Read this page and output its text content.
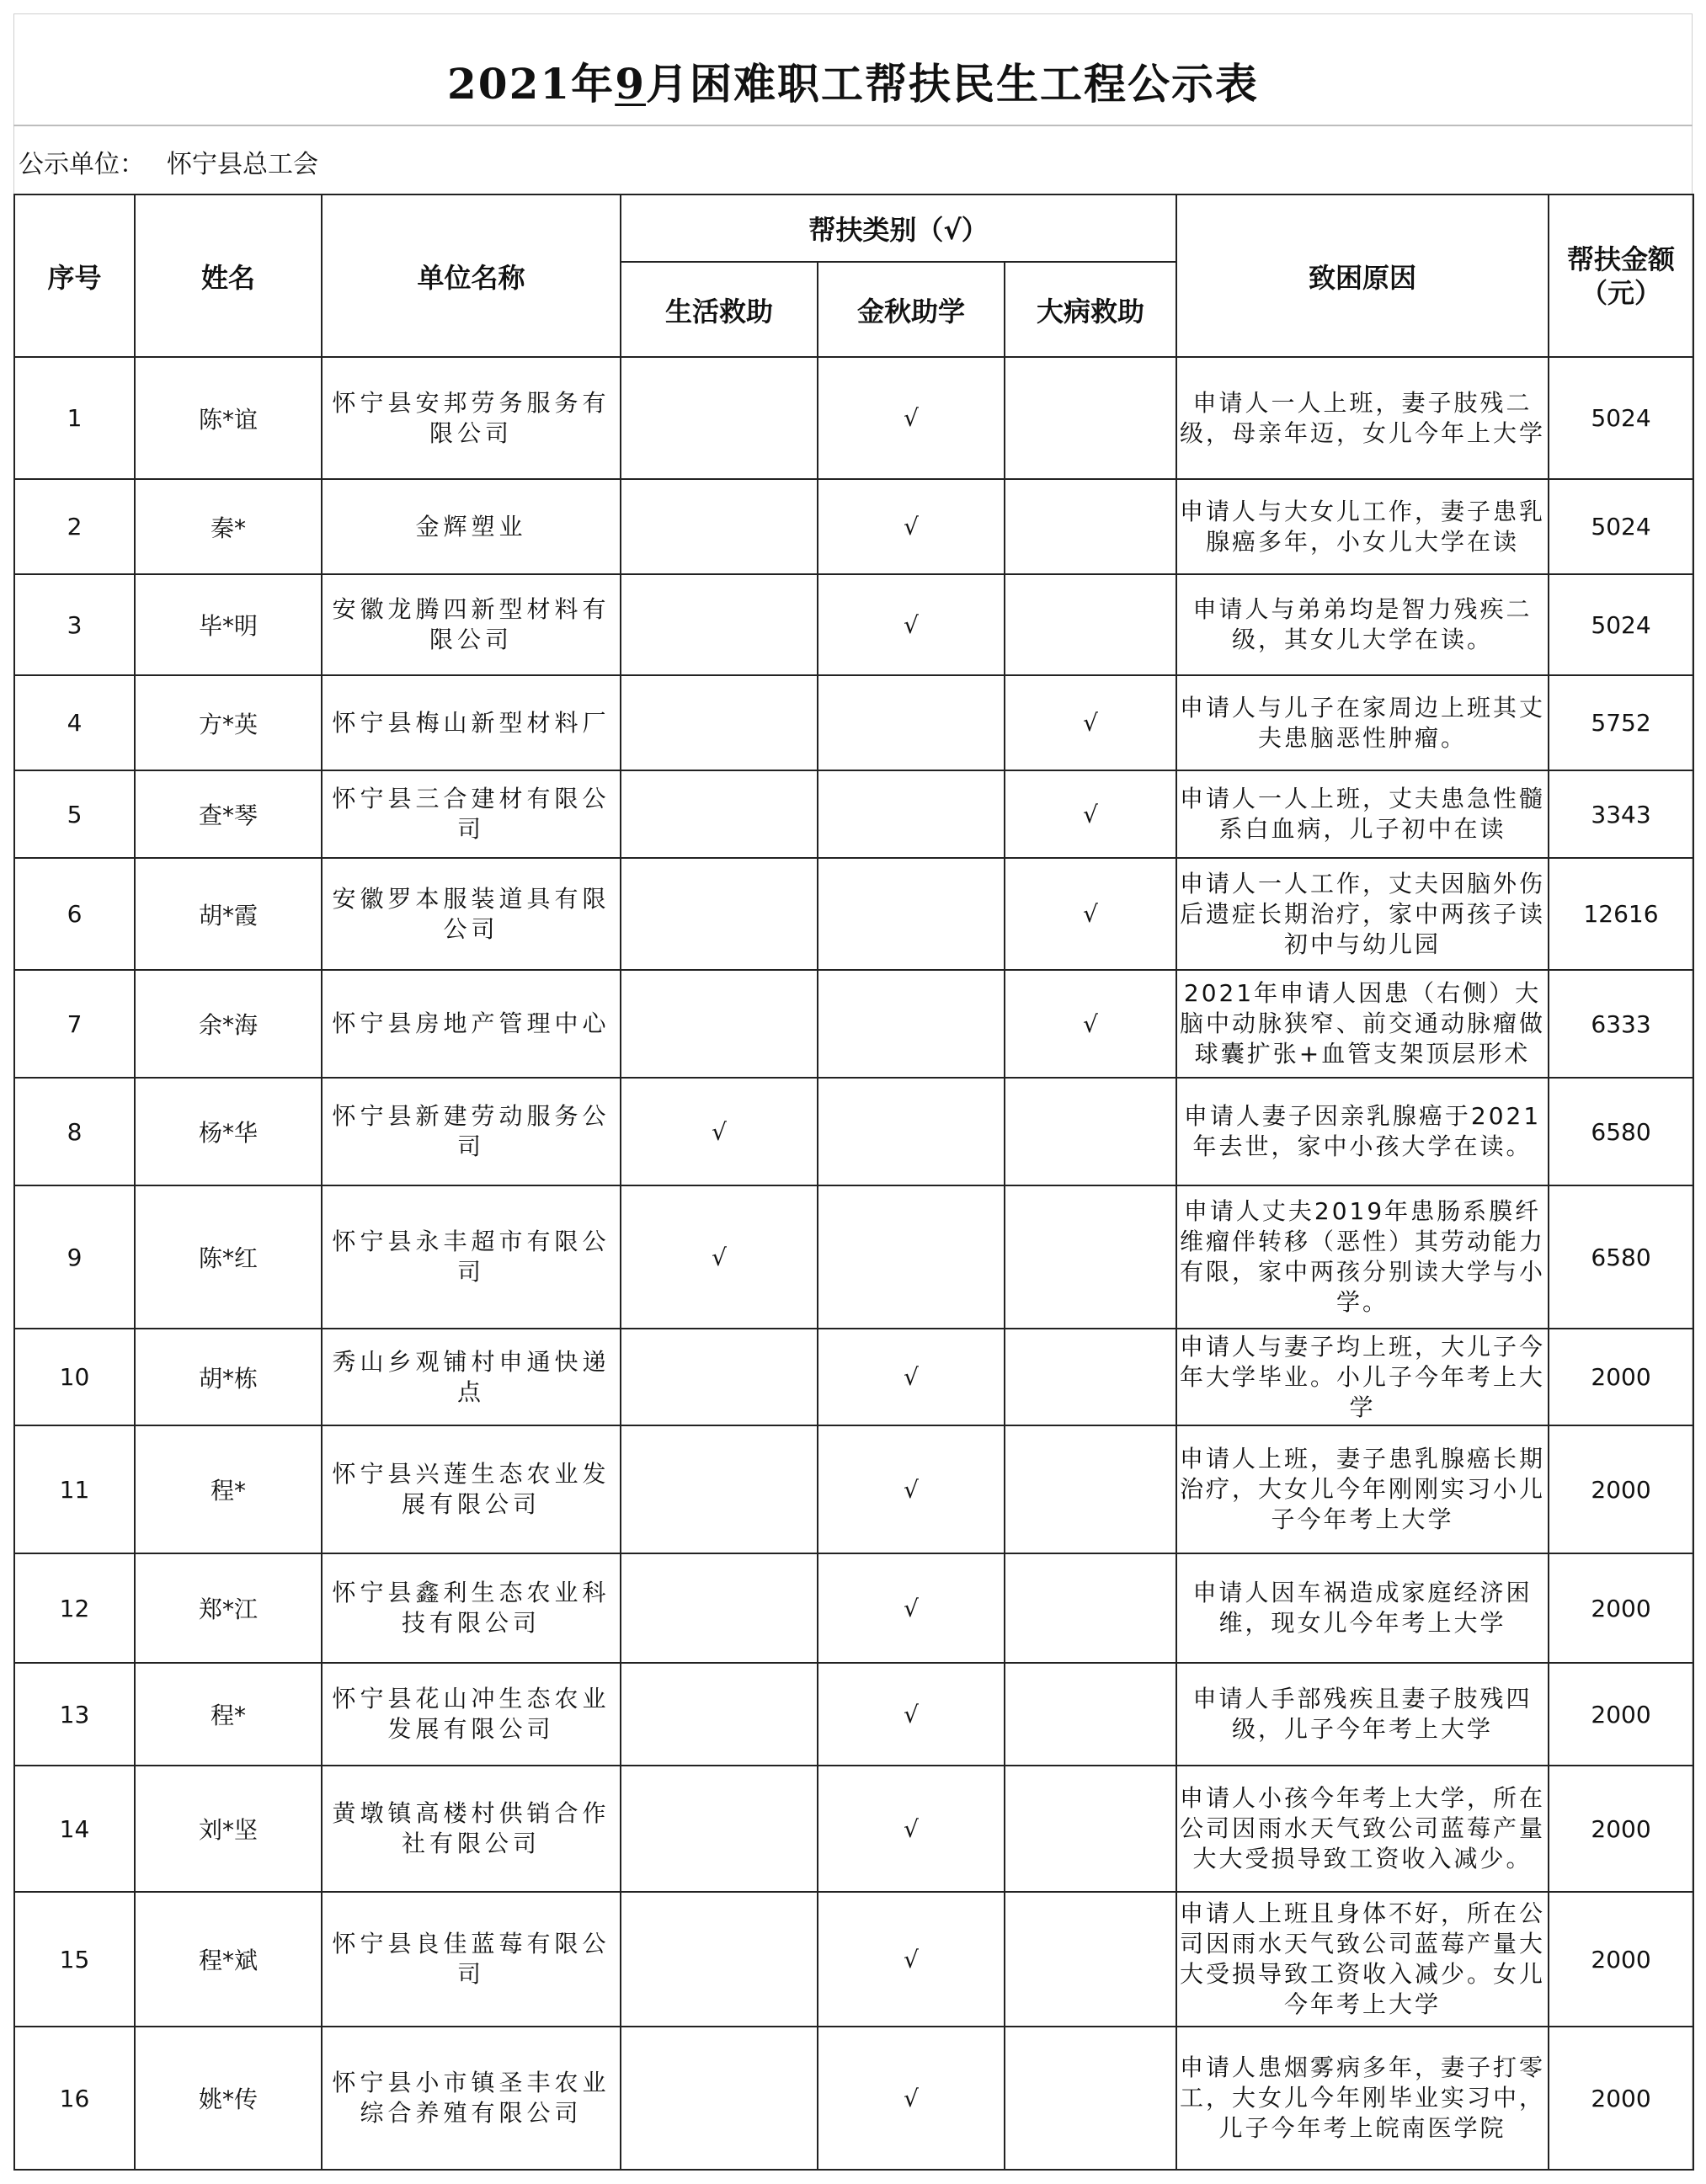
2021年9月困难职工帮扶民生工程公示表
公示单位： 怀宁县总工会
序号	姓名	单位名称	帮扶类别（√）			致困原因	帮扶金额（元）
			生活救助	金秋助学	大病救助		
1	陈*谊	怀宁县安邦劳务服务有限公司		√		申请人一人上班，妻子肢残二级，母亲年迈，女儿今年上大学	5024
2	秦*	金辉塑业		√		申请人与大女儿工作，妻子患乳腺癌多年，小女儿大学在读	5024
3	毕*明	安徽龙腾四新型材料有限公司		√		申请人与弟弟均是智力残疾二级，其女儿大学在读。	5024
4	方*英	怀宁县梅山新型材料厂			√	申请人与儿子在家周边上班其丈夫患脑恶性肿瘤。	5752
5	查*琴	怀宁县三合建材有限公司			√	申请人一人上班，丈夫患急性髓系白血病，儿子初中在读	3343
6	胡*霞	安徽罗本服装道具有限公司			√	申请人一人工作，丈夫因脑外伤后遗症长期治疗，家中两孩子读初中与幼儿园	12616
7	余*海	怀宁县房地产管理中心			√	2021年申请人因患（右侧）大脑中动脉狭窄、前交通动脉瘤做球囊扩张+血管支架顶层形术	6333
8	杨*华	怀宁县新建劳动服务公司	√			申请人妻子因亲乳腺癌于2021年去世，家中小孩大学在读。	6580
9	陈*红	怀宁县永丰超市有限公司	√			申请人丈夫2019年患肠系膜纤维瘤伴转移（恶性）其劳动能力有限，家中两孩分别读大学与小学。	6580
10	胡*栋	秀山乡观铺村申通快递点		√		申请人与妻子均上班，大儿子今年大学毕业。小儿子今年考上大学	2000
11	程*	怀宁县兴莲生态农业发展有限公司		√		申请人上班，妻子患乳腺癌长期治疗，大女儿今年刚刚实习小儿子今年考上大学	2000
12	郑*江	怀宁县鑫利生态农业科技有限公司		√		申请人因车祸造成家庭经济困维，现女儿今年考上大学	2000
13	程*	怀宁县花山冲生态农业发展有限公司		√		申请人手部残疾且妻子肢残四级，儿子今年考上大学	2000
14	刘*坚	黄墩镇高楼村供销合作社有限公司		√		申请人小孩今年考上大学，所在公司因雨水天气致公司蓝莓产量大大受损导致工资收入减少。	2000
15	程*斌	怀宁县良佳蓝莓有限公司		√		申请人上班且身体不好，所在公司因雨水天气致公司蓝莓产量大大受损导致工资收入减少。女儿今年考上大学	2000
16	姚*传	怀宁县小市镇圣丰农业综合养殖有限公司		√		申请人患烟雾病多年，妻子打零工，大女儿今年刚毕业实习中，儿子今年考上皖南医学院	2000
